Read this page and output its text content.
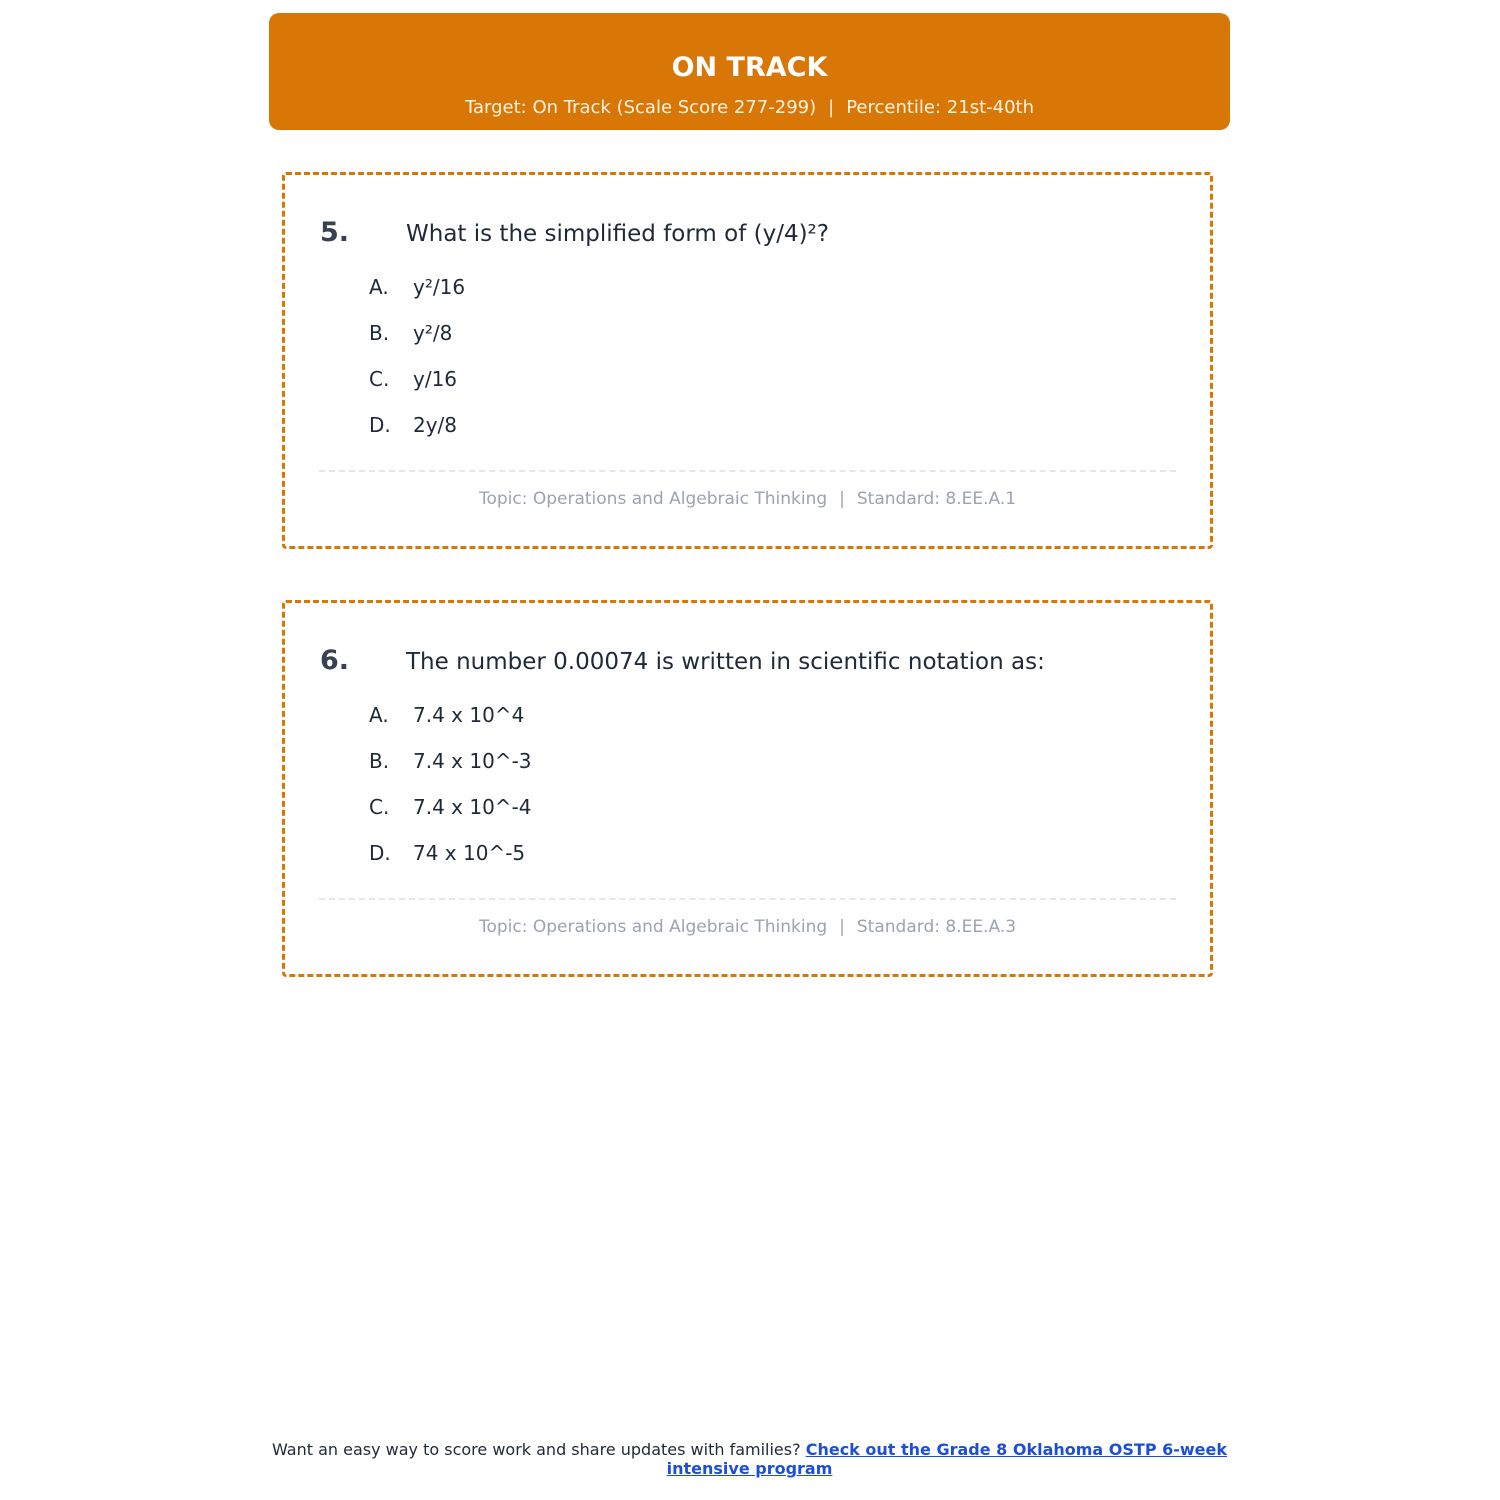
ON TRACK
Target: On Track (Scale Score 277-299) | Percentile: 21st-40th
5. What is the simplified form of (y/4)²?
A. y²/16
B. y²/8
C. y/16
D. 2y/8
Topic: Operations and Algebraic Thinking | Standard: 8.EE.A.1
6. The number 0.00074 is written in scientific notation as:
A. 7.4 x 10^4
B. 7.4 x 10^-3
C. 7.4 x 10^-4
D. 74 x 10^-5
Topic: Operations and Algebraic Thinking | Standard: 8.EE.A.3
Want an easy way to score work and share updates with families? Check out the Grade 8 Oklahoma OSTP 6-week intensive program
